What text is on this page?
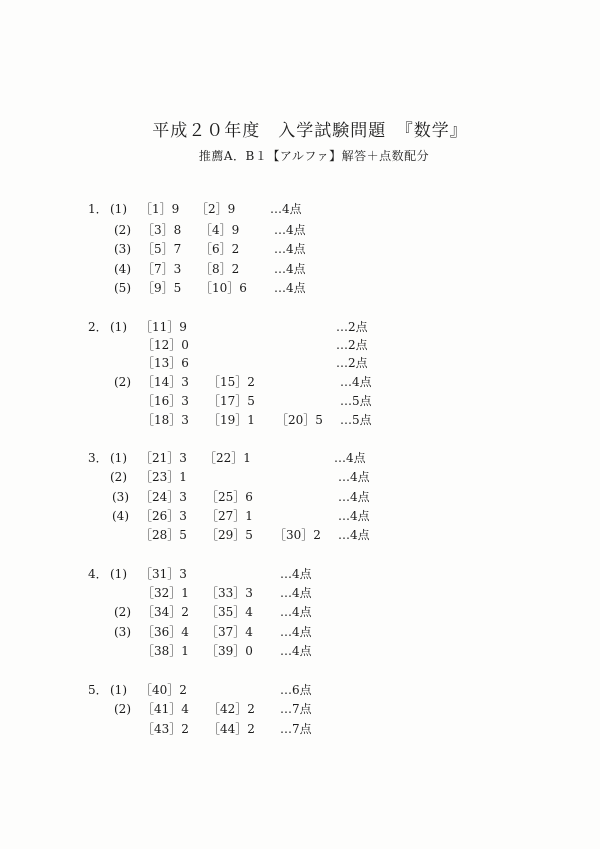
平成２０年度　入学試験問題　『数学』
推薦A．B１【アルファ】解答＋点数配分
1． (1) ［1］9 ［2］9	…4点
(2) ［3］8 ［4］9	…4点
(3) ［5］7 ［6］2	…4点
(4) ［7］3 ［8］2	…4点
(5) ［9］5 ［10］6 …4点
2． (1) ［11］9	…2点
［12］0	…2点
［13］6	…2点
(2) ［14］3 ［15］2	…4点
［16］3 ［17］5	…5点
［18］3 ［19］1 ［20］5 …5点
3． (1) ［21］3 ［22］1	…4点
(2) ［23］1	…4点
(3) ［24］3 ［25］6	…4点
(4) ［26］3 ［27］1	…4点
［28］5 ［29］5 ［30］2 …4点
4． (1) ［31］3	…4点
［32］1 ［33］3 …4点
(2) ［34］2 ［35］4 …4点
(3) ［36］4 ［37］4 …4点
［38］1 ［39］0 …4点
5． (1) ［40］2	…6点
(2) ［41］4 ［42］2 …7点
［43］2 ［44］2 …7点
